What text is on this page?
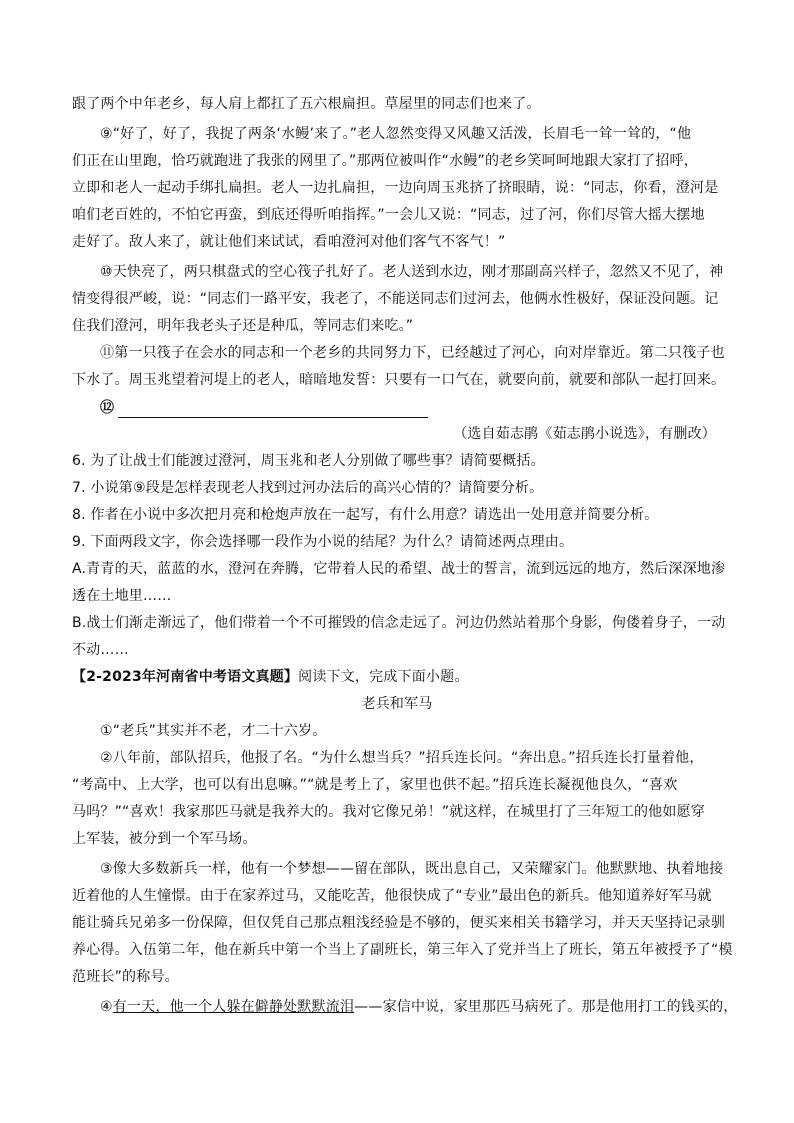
跟了两个中年老乡，每人肩上都扛了五六根扁担。草屋里的同志们也来了。
⑨“好了，好了，我捉了两条‘水鳗’来了。”老人忽然变得又风趣又活泼，长眉毛一耸一耸的，“他
们正在山里跑，恰巧就跑进了我张的网里了。”那两位被叫作“水鳗”的老乡笑呵呵地跟大家打了招呼，
立即和老人一起动手绑扎扁担。老人一边扎扁担，一边向周玉兆挤了挤眼睛，说：“同志，你看，澄河是
咱们老百姓的，不怕它再蛮，到底还得听咱指挥。”一会儿又说：“同志，过了河，你们尽管大摇大摆地
走好了。敌人来了，就让他们来试试，看咱澄河对他们客气不客气！”
⑩天快亮了，两只棋盘式的空心筏子扎好了。老人送到水边，刚才那副高兴样子，忽然又不见了，神
情变得很严峻，说：“同志们一路平安，我老了，不能送同志们过河去，他俩水性极好，保证没问题。记
住我们澄河，明年我老头子还是种瓜，等同志们来吃。”
⑪第一只筏子在会水的同志和一个老乡的共同努力下，已经越过了河心，向对岸靠近。第二只筏子也
下水了。周玉兆望着河堤上的老人，暗暗地发誓：只要有一口气在，就要向前，就要和部队一起打回来。
⑫
（选自茹志鹃《茹志鹃小说选》，有删改）
6. 为了让战士们能渡过澄河，周玉兆和老人分别做了哪些事？请简要概括。
7. 小说第⑨段是怎样表现老人找到过河办法后的高兴心情的？请简要分析。
8. 作者在小说中多次把月亮和枪炮声放在一起写，有什么用意？请选出一处用意并简要分析。
9. 下面两段文字，你会选择哪一段作为小说的结尾？为什么？请简述两点理由。
A.青青的天，蓝蓝的水，澄河在奔腾，它带着人民的希望、战士的誓言，流到远远的地方，然后深深地渗
透在土地里……
B.战士们渐走渐远了，他们带着一个不可摧毁的信念走远了。河边仍然站着那个身影，佝偻着身子，一动
不动……
【2-2023年河南省中考语文真题】阅读下文，完成下面小题。
老兵和军马
①“老兵”其实并不老，才二十六岁。
②八年前，部队招兵，他报了名。“为什么想当兵？”招兵连长问。“奔出息。”招兵连长打量着他，
“考高中、上大学，也可以有出息嘛。”“就是考上了，家里也供不起。”招兵连长凝视他良久，“喜欢
马吗？”“喜欢！我家那匹马就是我养大的。我对它像兄弟！”就这样，在城里打了三年短工的他如愿穿
上军装，被分到一个军马场。
③像大多数新兵一样，他有一个梦想——留在部队，既出息自己，又荣耀家门。他默默地、执着地接
近着他的人生憧憬。由于在家养过马，又能吃苦，他很快成了“专业”最出色的新兵。他知道养好军马就
能让骑兵兄弟多一份保障，但仅凭自己那点粗浅经验是不够的，便买来相关书籍学习，并天天坚持记录驯
养心得。入伍第二年，他在新兵中第一个当上了副班长，第三年入了党并当上了班长，第五年被授予了“模
范班长”的称号。
④有一天，他一个人躲在僻静处默默流泪——家信中说，家里那匹马病死了。那是他用打工的钱买的，
